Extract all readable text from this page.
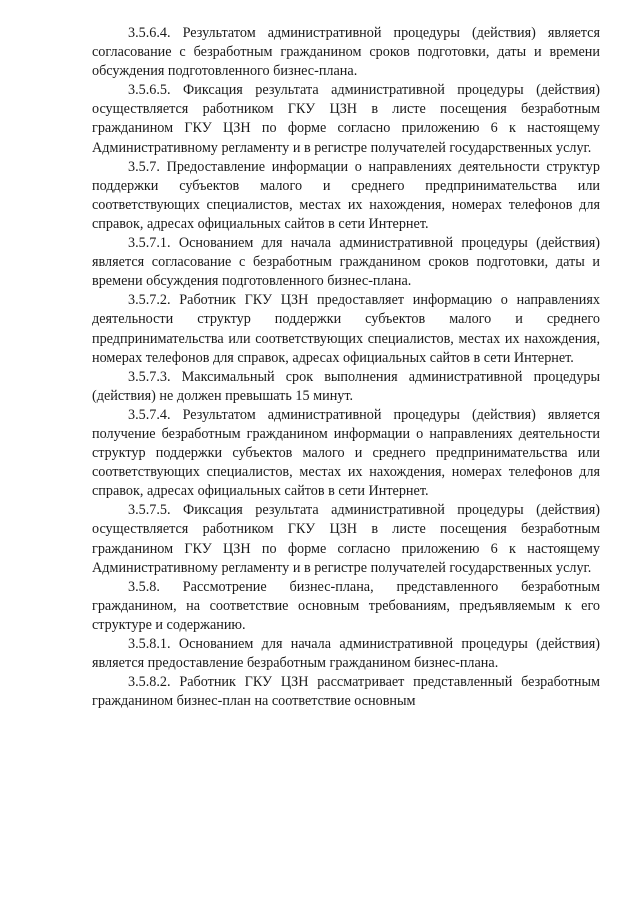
3.5.6.4. Результатом административной процедуры (действия) является согласование с безработным гражданином сроков подготовки, даты и времени обсуждения подготовленного бизнес-плана.

3.5.6.5. Фиксация результата административной процедуры (действия) осуществляется работником ГКУ ЦЗН в листе посещения безработным гражданином ГКУ ЦЗН по форме согласно приложению 6 к настоящему Административному регламенту и в регистре получателей государственных услуг.

3.5.7. Предоставление информации о направлениях деятельности структур поддержки субъектов малого и среднего предпринимательства или соответствующих специалистов, местах их нахождения, номерах телефонов для справок, адресах официальных сайтов в сети Интернет.

3.5.7.1. Основанием для начала административной процедуры (действия) является согласование с безработным гражданином сроков подготовки, даты и времени обсуждения подготовленного бизнес-плана.

3.5.7.2. Работник ГКУ ЦЗН предоставляет информацию о направлениях деятельности структур поддержки субъектов малого и среднего предпринимательства или соответствующих специалистов, местах их нахождения, номерах телефонов для справок, адресах официальных сайтов в сети Интернет.

3.5.7.3. Максимальный срок выполнения административной процедуры (действия) не должен превышать 15 минут.

3.5.7.4. Результатом административной процедуры (действия) является получение безработным гражданином информации о направлениях деятельности структур поддержки субъектов малого и среднего предпринимательства или соответствующих специалистов, местах их нахождения, номерах телефонов для справок, адресах официальных сайтов в сети Интернет.

3.5.7.5. Фиксация результата административной процедуры (действия) осуществляется работником ГКУ ЦЗН в листе посещения безработным гражданином ГКУ ЦЗН по форме согласно приложению 6 к настоящему Административному регламенту и в регистре получателей государственных услуг.

3.5.8. Рассмотрение бизнес-плана, представленного безработным гражданином, на соответствие основным требованиям, предъявляемым к его структуре и содержанию.

3.5.8.1. Основанием для начала административной процедуры (действия) является предоставление безработным гражданином бизнес-плана.

3.5.8.2. Работник ГКУ ЦЗН рассматривает представленный безработным гражданином бизнес-план на соответствие основным
